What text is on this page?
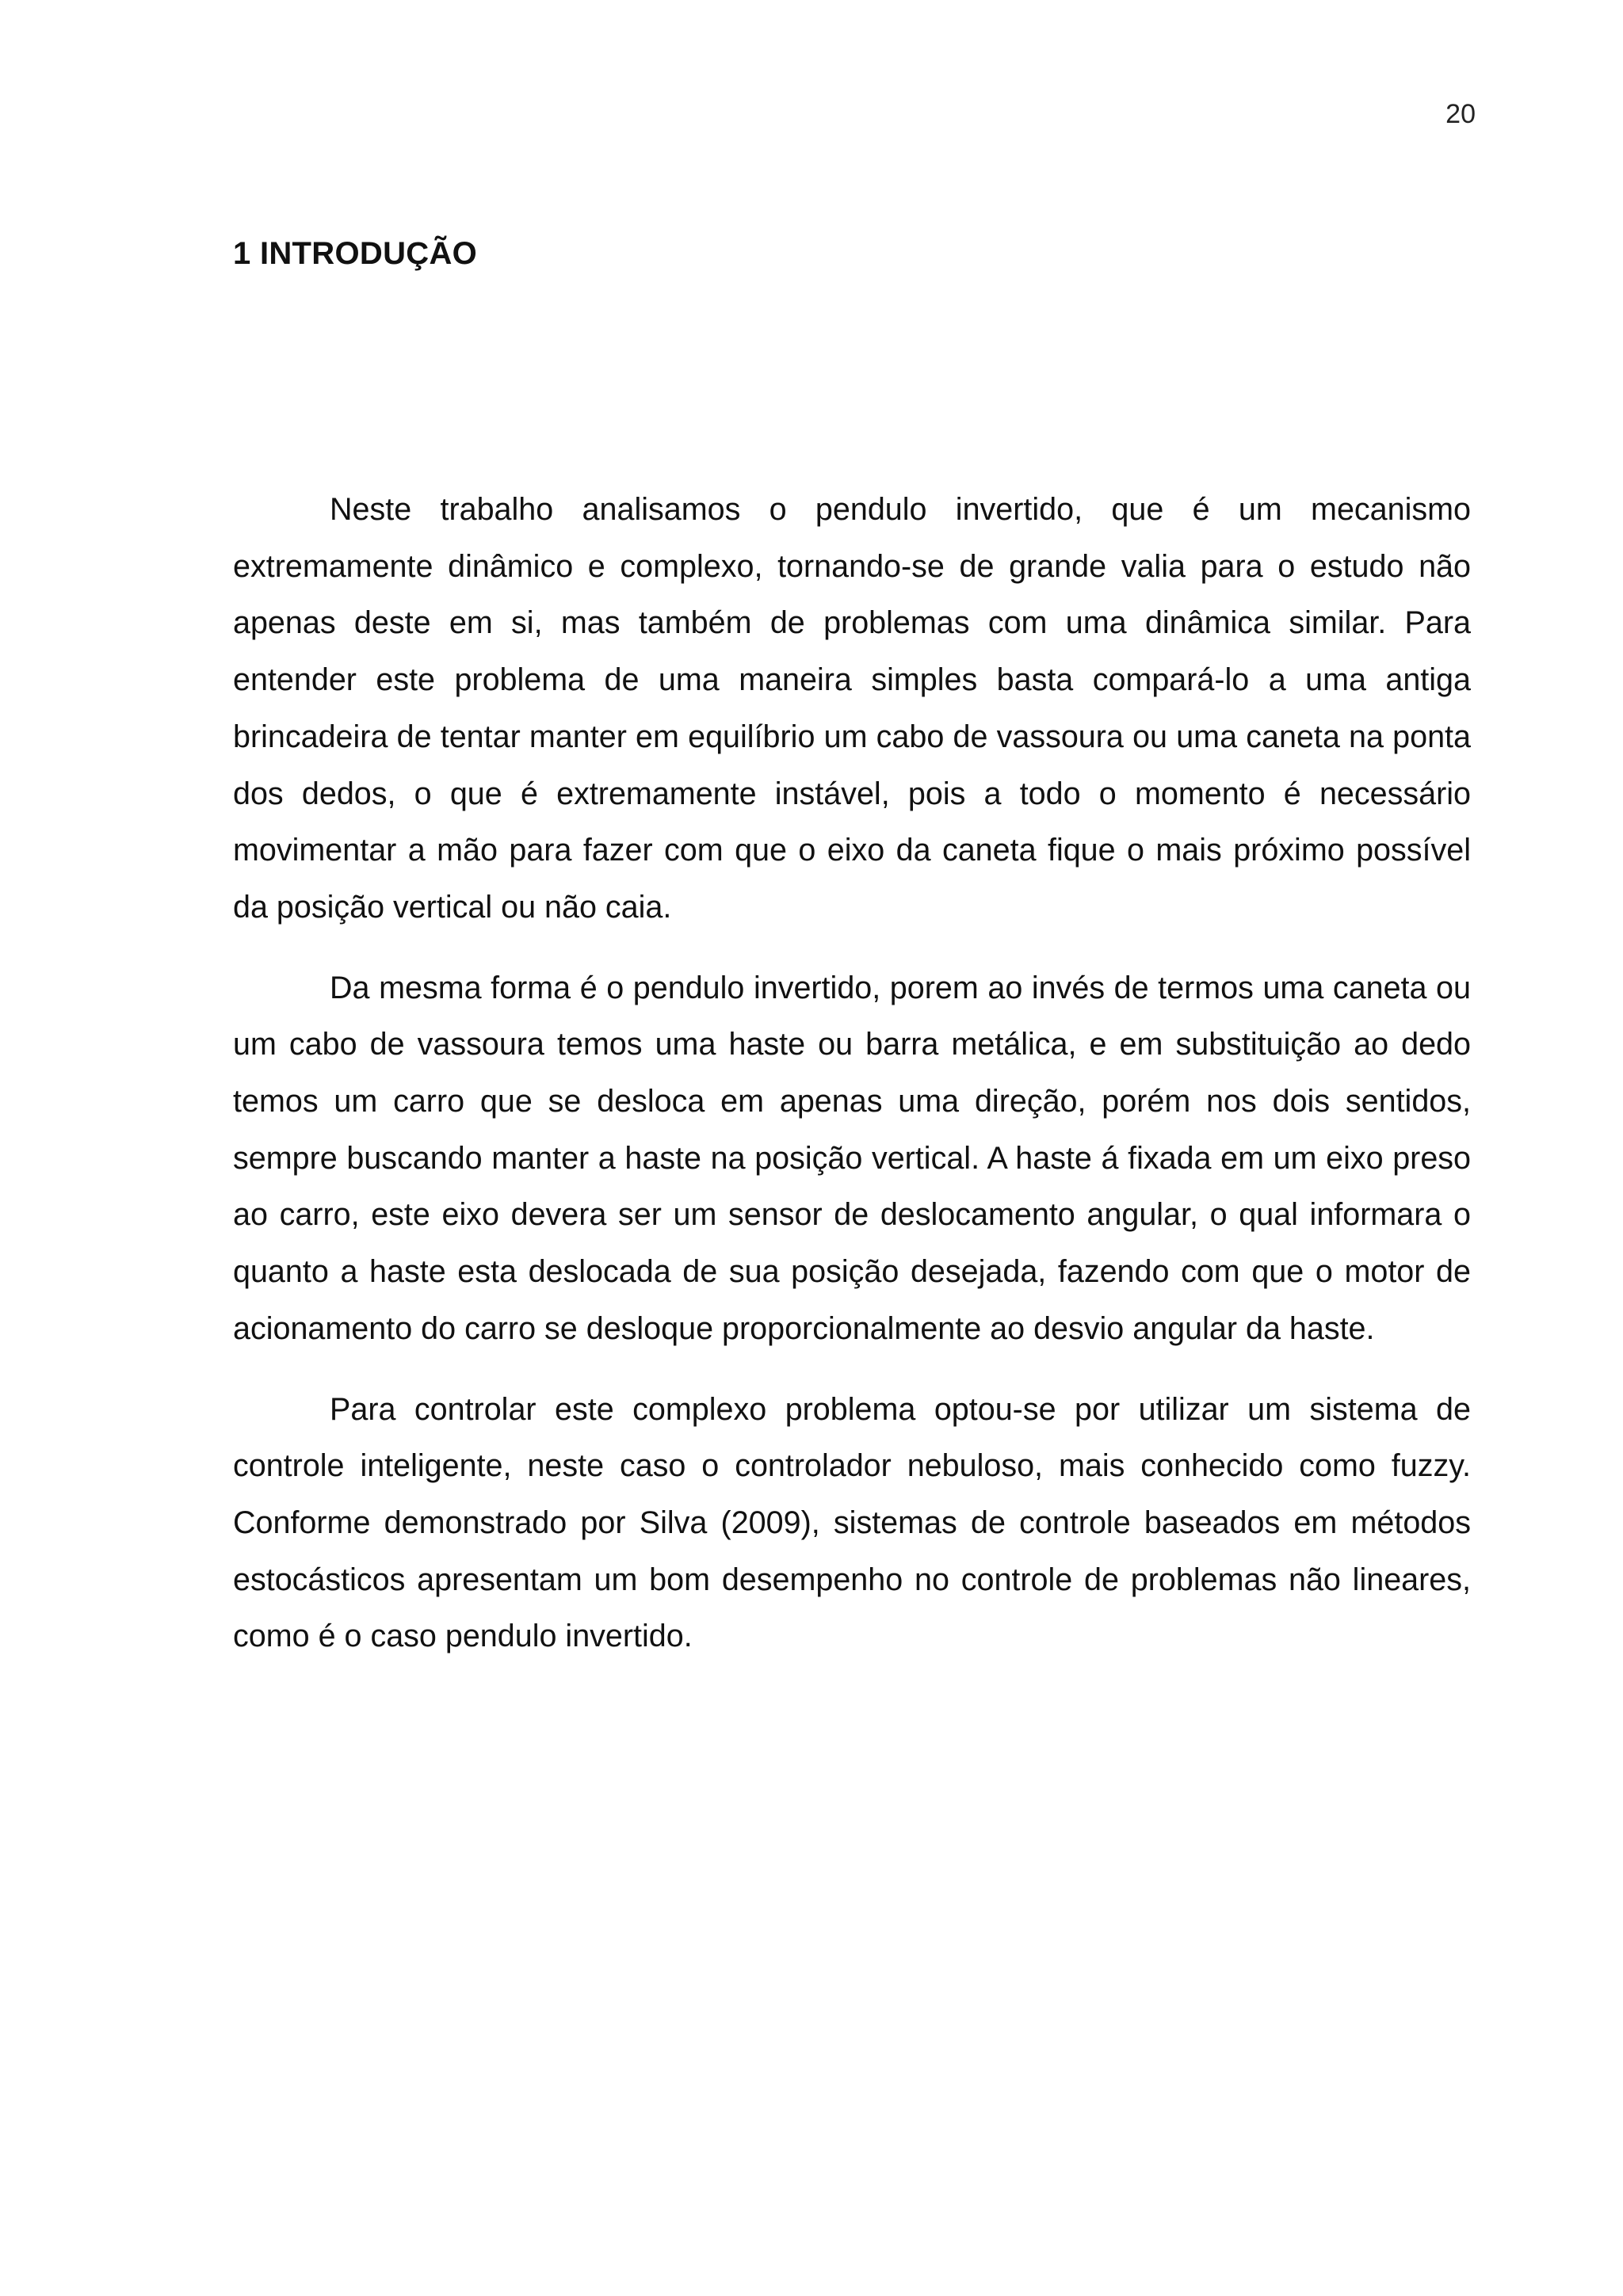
20
1 INTRODUÇÃO

Neste trabalho analisamos o pendulo invertido, que é um mecanismo extremamente dinâmico e complexo, tornando-se de grande valia para o estudo não apenas deste em si, mas também de problemas com uma dinâmica similar. Para entender este problema de uma maneira simples basta compará-lo a uma antiga brincadeira de tentar manter em equilíbrio um cabo de vassoura ou uma caneta na ponta dos dedos, o que é extremamente instável, pois a todo o momento é necessário movimentar a mão para fazer com que o eixo da caneta fique o mais próximo possível da posição vertical ou não caia.

Da mesma forma é o pendulo invertido, porem ao invés de termos uma caneta ou um cabo de vassoura temos uma haste ou barra metálica, e em substituição ao dedo temos um carro que se desloca em apenas uma direção, porém nos dois sentidos, sempre buscando manter a haste na posição vertical. A haste á fixada em um eixo preso ao carro, este eixo devera ser um sensor de deslocamento angular, o qual informara o quanto a haste esta deslocada de sua posição desejada, fazendo com que o motor de acionamento do carro se desloque proporcionalmente ao desvio angular da haste.

Para controlar este complexo problema optou-se por utilizar um sistema de controle inteligente, neste caso o controlador nebuloso, mais conhecido como fuzzy. Conforme demonstrado por Silva (2009), sistemas de controle baseados em métodos estocásticos apresentam um bom desempenho no controle de problemas não lineares, como é o caso pendulo invertido.
